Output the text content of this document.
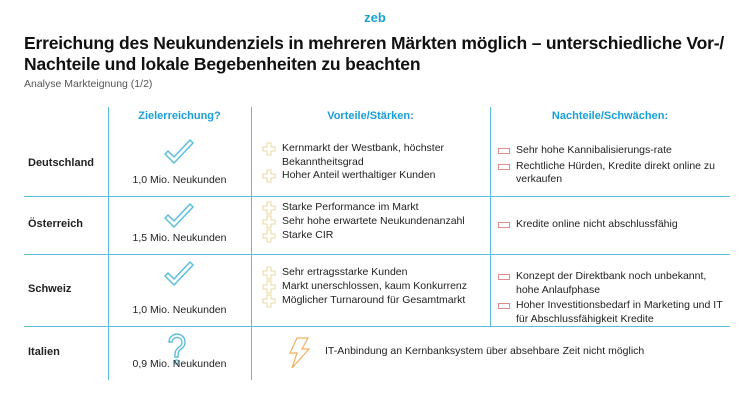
zeb
Erreichung des Neukundenziels in mehreren Märkten möglich – unterschiedliche Vor-/ Nachteile und lokale Begebenheiten zu beachten
Analyse Markteignung (1/2)
Zielerreichung?	Vorteile/Stärken:	Nachteile/Schwächen:
Deutschland
1,0 Mio. Neukunden
Kernmarkt der Westbank, höchster Bekanntheitsgrad
Hoher Anteil werthaltiger Kunden
Sehr hohe Kannibalisierungs-rate
Rechtliche Hürden, Kredite direkt online zu verkaufen
Österreich
1,5 Mio. Neukunden
Starke Performance im Markt
Sehr hohe erwartete Neukundenanzahl
Starke CIR
Kredite online nicht abschlussfähig
Schweiz
1,0 Mio. Neukunden
Sehr ertragsstarke Kunden
Markt unerschlossen, kaum Konkurrenz
Möglicher Turnaround für Gesamtmarkt
Konzept der Direktbank noch unbekannt, hohe Anlaufphase
Hoher Investitionsbedarf in Marketing und IT für Abschlussfähigkeit Kredite
Italien
0,9 Mio. Neukunden
IT-Anbindung an Kernbanksystem über absehbare Zeit nicht möglich
